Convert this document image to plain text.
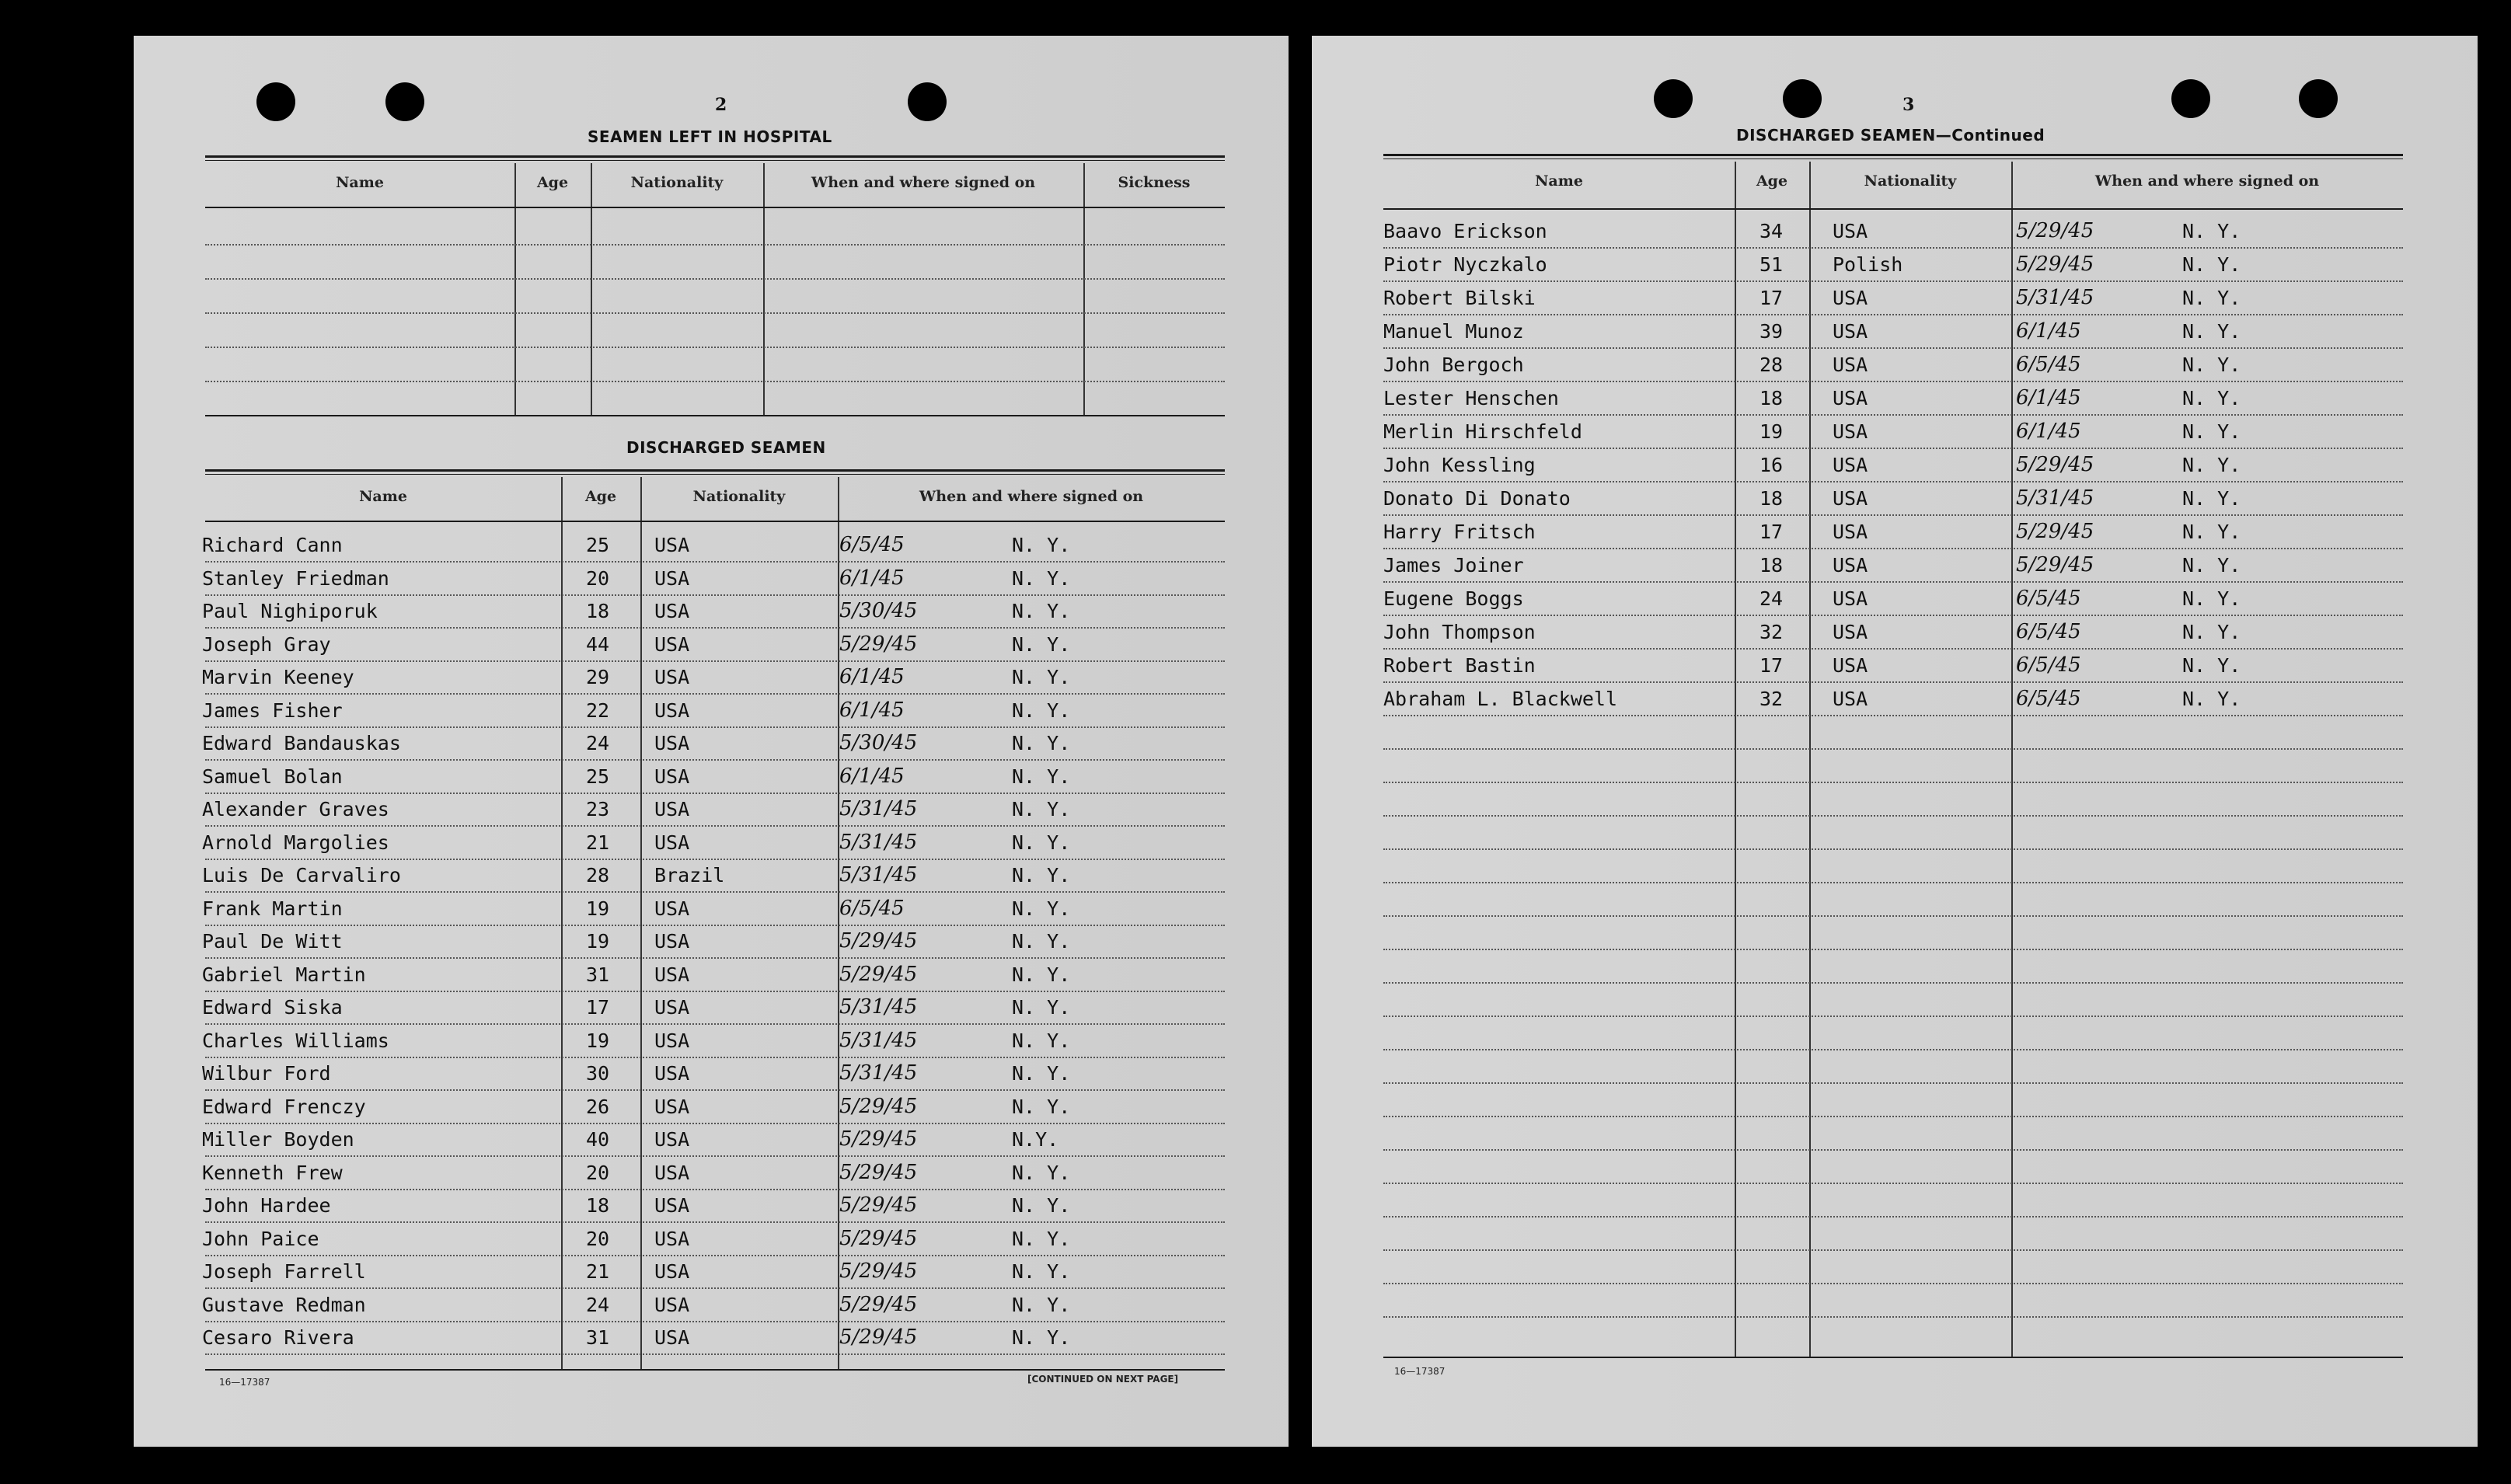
2
SEAMEN LEFT IN HOSPITAL
DISCHARGED SEAMEN
16—17387	[CONTINUED ON NEXT PAGE]
Name	Age	Nationality	When and where signed on	Sickness
Name	Age	Nationality	When and where signed on
Richard Cann	25 USA	6/5/45	N. Y.
Stanley Friedman	20 USA	6/1/45	N. Y.
Paul Nighiporuk	18 USA	5/30/45	N. Y.
Joseph Gray	44 USA	5/29/45	N. Y.
Marvin Keeney	29 USA	6/1/45	N. Y.
James Fisher	22 USA	6/1/45	N. Y.
Edward Bandauskas	24 USA	5/30/45	N. Y.
Samuel Bolan	25 USA	6/1/45	N. Y.
Alexander Graves	23 USA	5/31/45	N. Y.
Arnold Margolies	21 USA	5/31/45	N. Y.
Luis De Carvaliro	28 Brazil	5/31/45	N. Y.
Frank Martin	19 USA	6/5/45	N. Y.
Paul De Witt	19 USA	5/29/45	N. Y.
Gabriel Martin	31 USA	5/29/45	N. Y.
Edward Siska	17 USA	5/31/45	N. Y.
Charles Williams	19 USA	5/31/45	N. Y.
Wilbur Ford	30 USA	5/31/45	N. Y.
Edward Frenczy	26 USA	5/29/45	N. Y.
Miller Boyden	40 USA	5/29/45	N.Y.
Kenneth Frew	20 USA	5/29/45	N. Y.
John Hardee	18 USA	5/29/45	N. Y.
John Paice	20 USA	5/29/45	N. Y.
Joseph Farrell	21 USA	5/29/45	N. Y.
Gustave Redman	24 USA	5/29/45	N. Y.
Cesaro Rivera	31 USA	5/29/45	N. Y.
3
DISCHARGED SEAMEN—Continued
16—17387
Name	Age	Nationality	When and where signed on
Baavo Erickson	34	USA	5/29/45	N. Y.
Piotr Nyczkalo	51	Polish	5/29/45	N. Y.
Robert Bilski	17	USA	5/31/45	N. Y.
Manuel Munoz	39	USA	6/1/45	N. Y.
John Bergoch	28	USA	6/5/45	N. Y.
Lester Henschen	18	USA	6/1/45	N. Y.
Merlin Hirschfeld	19	USA	6/1/45	N. Y.
John Kessling	16	USA	5/29/45	N. Y.
Donato Di Donato	18	USA	5/31/45	N. Y.
Harry Fritsch	17	USA	5/29/45	N. Y.
James Joiner	18	USA	5/29/45	N. Y.
Eugene Boggs	24	USA	6/5/45	N. Y.
John Thompson	32	USA	6/5/45	N. Y.
Robert Bastin	17	USA	6/5/45	N. Y.
Abraham L. Blackwell	32	USA	6/5/45	N. Y.
